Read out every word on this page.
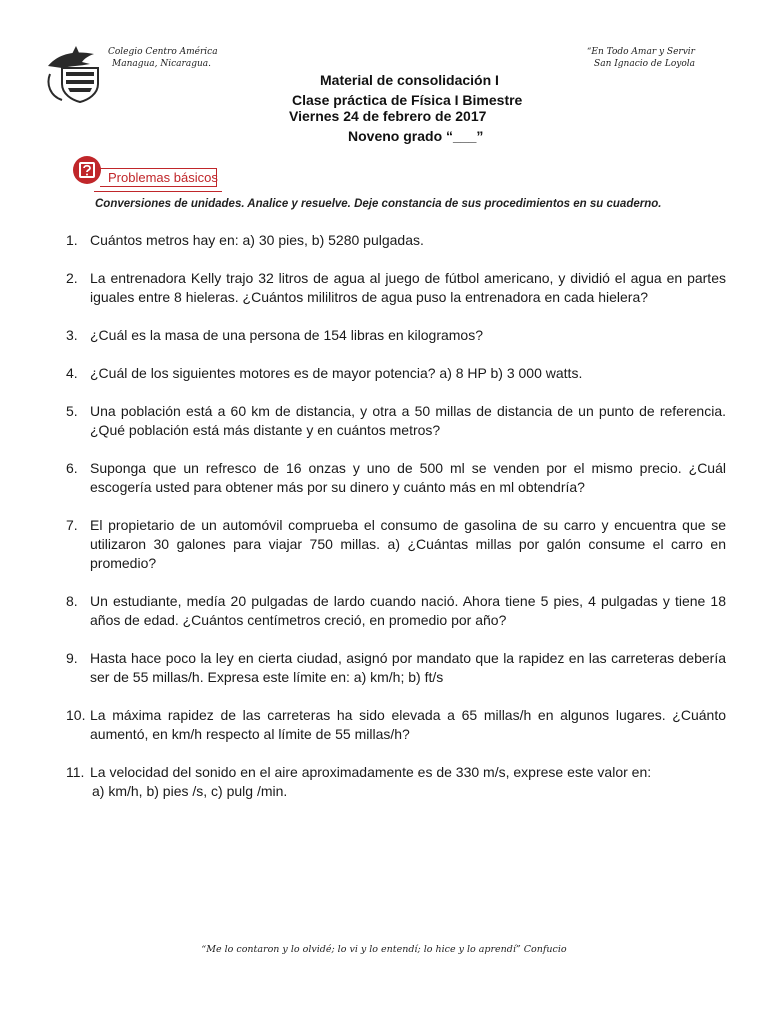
Colegio Centro América
Managua, Nicaragua.
“En Todo Amar y Servir
San Ignacio de Loyola
Material de consolidación I
Clase práctica de Física I Bimestre
Viernes 24 de febrero de 2017
Noveno grado “___”
Problemas básicos
Conversiones de unidades. Analice y resuelve. Deje constancia de sus procedimientos en su cuaderno.
1. Cuántos metros hay en: a) 30 pies, b) 5280 pulgadas.
2. La entrenadora Kelly trajo 32 litros de agua al juego de fútbol americano, y dividió el agua en partes iguales entre 8 hieleras. ¿Cuántos mililitros de agua puso la entrenadora en cada hielera?
3. ¿Cuál es la masa de una persona de 154 libras en kilogramos?
4. ¿Cuál de los siguientes motores es de mayor potencia? a) 8 HP b) 3 000 watts.
5. Una población está a 60 km de distancia, y otra a 50 millas de distancia de un punto de referencia. ¿Qué población está más distante y en cuántos metros?
6. Suponga que un refresco de 16 onzas y uno de 500 ml se venden por el mismo precio. ¿Cuál escogería usted para obtener más por su dinero y cuánto más en ml obtendría?
7. El propietario de un automóvil comprueba el consumo de gasolina de su carro y encuentra que se utilizaron 30 galones para viajar 750 millas. a) ¿Cuántas millas por galón consume el carro en promedio?
8. Un estudiante, medía 20 pulgadas de lardo cuando nació. Ahora tiene 5 pies, 4 pulgadas y tiene 18 años de edad. ¿Cuántos centímetros creció, en promedio por año?
9. Hasta hace poco la ley en cierta ciudad, asignó por mandato que la rapidez en las carreteras debería ser de 55 millas/h. Expresa este límite en: a) km/h; b) ft/s
10. La máxima rapidez de las carreteras ha sido elevada a 65 millas/h en algunos lugares. ¿Cuánto aumentó, en km/h respecto al límite de 55 millas/h?
11. La velocidad del sonido en el aire aproximadamente es de 330 m/s, exprese este valor en:
a) km/h, b) pies /s, c) pulg /min.
“Me lo contaron y lo olvidé; lo vi y lo entendí; lo hice y lo aprendí” Confucio
